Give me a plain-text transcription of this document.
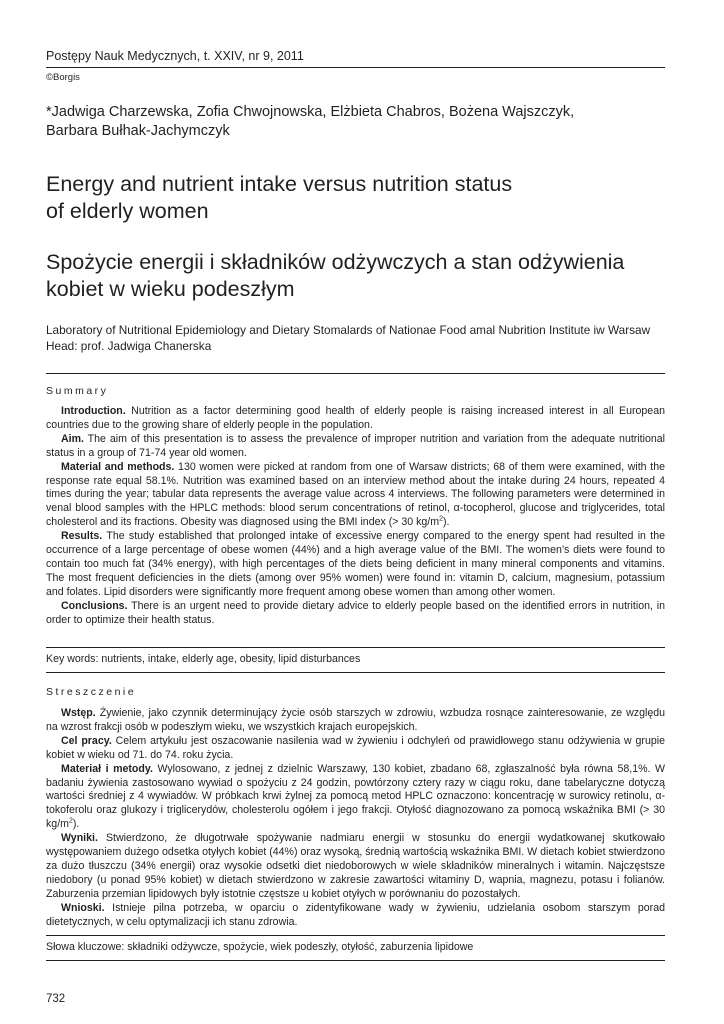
Postępy Nauk Medycznych, t. XXIV, nr 9, 2011
©Borgis
*Jadwiga Charzewska, Zofia Chwojnowska, Elżbieta Chabros, Bożena Wajszczyk,
Barbara Bułhak-Jachymczyk
Energy and nutrient intake versus nutrition status
of elderly women
Spożycie energii i składników odżywczych a stan odżywienia
kobiet w wieku podeszłym
Laboratory of Nutritional Epidemiology and Dietary Stomalards of Nationae Food amal Nubrition Institute iw Warsaw
Head: prof. Jadwiga Chanerska
Summary

Introduction. Nutrition as a factor determining good health of elderly people is raising increased interest in all European countries due to the growing share of elderly people in the population.

Aim. The aim of this presentation is to assess the prevalence of improper nutrition and variation from the adequate nutritional status in a group of 71-74 year old women.

Material and methods. 130 women were picked at random from one of Warsaw districts; 68 of them were examined, with the response rate equal 58.1%. Nutrition was examined based on an interview method about the intake during 24 hours, repeated 4 times during the year; tabular data represents the average value across 4 interviews. The following parameters were determined in venal blood samples with the HPLC methods: blood serum concentrations of retinol, α-tocopherol, glucose and triglycerides, total cholesterol and its fractions. Obesity was diagnosed using the BMI index (> 30 $kg/m^2$).

Results. The study established that prolonged intake of excessive energy compared to the energy spent had resulted in the occurrence of a large percentage of obese women (44%) and a high average value of the BMI. The women’s diets were found to contain too much fat (34% energy), with high percentages of the diets being deficient in many mineral components and vitamins. The most frequent deficiencies in the diets (among over 95% women) were found in: vitamin D, calcium, magnesium, potassium and folates. Lipid disorders were significantly more frequent among obese women than among other women.

Conclusions. There is an urgent need to provide dietary advice to elderly people based on the identified errors in nutrition, in order to optimize their health status.

Key words: nutrients, intake, elderly age, obesity, lipid disturbances
Streszczenie

Wstęp. Żywienie, jako czynnik determinujący życie osób starszych w zdrowiu, wzbudza rosnące zainteresowanie, ze względu na wzrost frakcji osób w podeszłym wieku, we wszystkich krajach europejskich.

Cel pracy. Celem artykułu jest oszacowanie nasilenia wad w żywieniu i odchyleń od prawidłowego stanu odżywienia w grupie kobiet w wieku od 71. do 74. roku życia.

Materiał i metody. Wylosowano, z jednej z dzielnic Warszawy, 130 kobiet, zbadano 68, zgłaszalność była równa 58,1%. W badaniu żywienia zastosowano wywiad o spożyciu z 24 godzin, powtórzony cztery razy w ciągu roku, dane tabelaryczne dotyczą wartości średniej z 4 wywiadów. W próbkach krwi żylnej za pomocą metod HPLC oznaczono: koncentrację w surowicy retinolu, α-tokoferolu oraz glukozy i triglicerydów, cholesterolu ogółem i jego frakcji. Otyłość diagnozowano za pomocą wskaźnika BMI (> 30 $kg/m^2$).

Wyniki. Stwierdzono, że długotrwałe spożywanie nadmiaru energii w stosunku do energii wydatkowanej skutkowało występowaniem dużego odsetka otyłych kobiet (44%) oraz wysoką, średnią wartością wskaźnika BMI. W dietach kobiet stwierdzono za dużo tłuszczu (34% energii) oraz wysokie odsetki diet niedoborowych w wiele składników mineralnych i witamin. Najczęstsze niedobory (u ponad 95% kobiet) w dietach stwierdzono w zakresie zawartości witaminy D, wapnia, magnezu, potasu i folianów. Zaburzenia przemian lipidowych były istotnie częstsze u kobiet otyłych w porównaniu do pozostałych.

Wnioski. Istnieje pilna potrzeba, w oparciu o zidentyfikowane wady w żywieniu, udzielania osobom starszym porad dietetycznych, w celu optymalizacji ich stanu zdrowia.

Słowa kluczowe: składniki odżywcze, spożycie, wiek podeszły, otyłość, zaburzenia lipidowe
732
